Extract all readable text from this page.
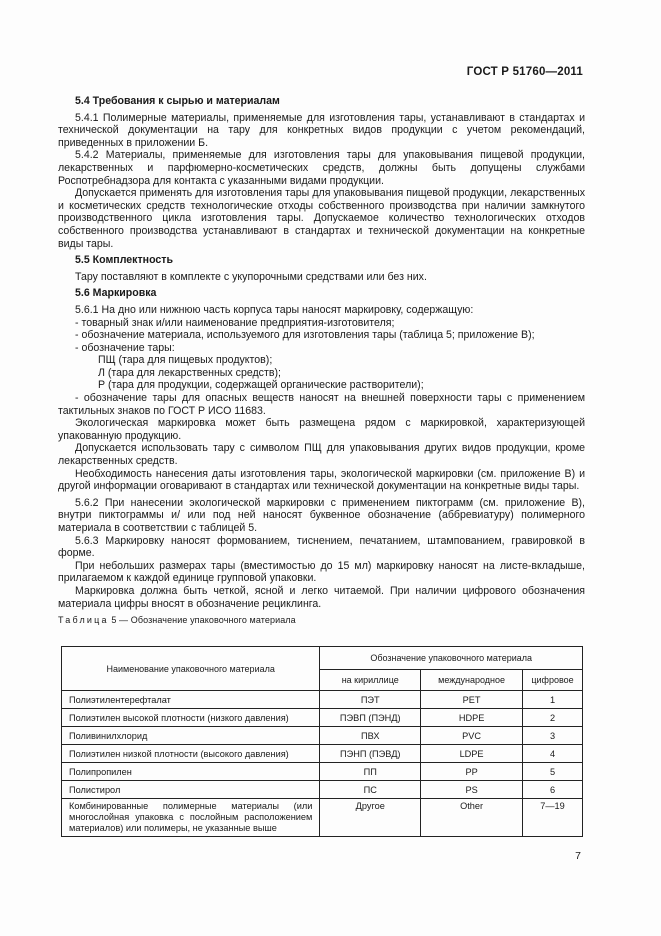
ГОСТ Р 51760—2011

5.4 Требования к сырью и материалам

5.4.1 Полимерные материалы, применяемые для изготовления тары, устанавливают в стандартах и технической документации на тару для конкретных видов продукции с учетом рекомендаций, приведенных в приложении Б.

5.4.2 Материалы, применяемые для изготовления тары для упаковывания пищевой продукции, лекарственных и парфюмерно-косметических средств, должны быть допущены службами Роспотребнадзора для контакта с указанными видами продукции.

Допускается применять для изготовления тары для упаковывания пищевой продукции, лекарственных и косметических средств технологические отходы собственного производства при наличии замкнутого производственного цикла изготовления тары. Допускаемое количество технологических отходов собственного производства устанавливают в стандартах и технической документации на конкретные виды тары.

5.5 Комплектность

Тару поставляют в комплекте с укупорочными средствами или без них.

5.6 Маркировка

5.6.1 На дно или нижнюю часть корпуса тары наносят маркировку, содержащую:

- товарный знак и/или наименование предприятия-изготовителя;

- обозначение материала, используемого для изготовления тары (таблица 5; приложение В);

- обозначение тары:

ПЩ (тара для пищевых продуктов);

Л (тара для лекарственных средств);

Р (тара для продукции, содержащей органические растворители);

- обозначение тары для опасных веществ наносят на внешней поверхности тары с применением тактильных знаков по ГОСТ Р ИСО 11683.

Экологическая маркировка может быть размещена рядом с маркировкой, характеризующей упакованную продукцию.

Допускается использовать тару с символом ПЩ для упаковывания других видов продукции, кроме лекарственных средств.

Необходимость нанесения даты изготовления тары, экологической маркировки (см. приложение В) и другой информации оговаривают в стандартах или технической документации на конкретные виды тары.

5.6.2 При нанесении экологической маркировки с применением пиктограмм (см. приложение В), внутри пиктограммы и/ или под ней наносят буквенное обозначение (аббревиатуру) полимерного материала в соответствии с таблицей 5.

5.6.3 Маркировку наносят формованием, тиснением, печатанием, штампованием, гравировкой в форме.

При небольших размерах тары (вместимостью до 15 мл) маркировку наносят на листе-вкладыше, прилагаемом к каждой единице групповой упаковки.

Маркировка должна быть четкой, ясной и легко читаемой. При наличии цифрового обозначения материала цифры вносят в обозначение рециклинга.

Таблица 5 — Обозначение упаковочного материала
Наименование упаковочного материала	Обозначение упаковочного материала		
	на кириллице	международное	цифровое
Полиэтилентерефталат	ПЭТ	PET	1
Полиэтилен высокой плотности (низкого давления)	ПЭВП (ПЭНД)	HDPE	2
Поливинилхлорид	ПВХ	PVC	3
Полиэтилен низкой плотности (высокого давления)	ПЭНП (ПЭВД)	LDPE	4
Полипропилен	ПП	PP	5
Полистирол	ПС	PS	6
Комбинированные полимерные материалы (или многослойная упаковка с послойным расположением материалов) или полимеры, не указанные выше	Другое	Other	7—19
7
